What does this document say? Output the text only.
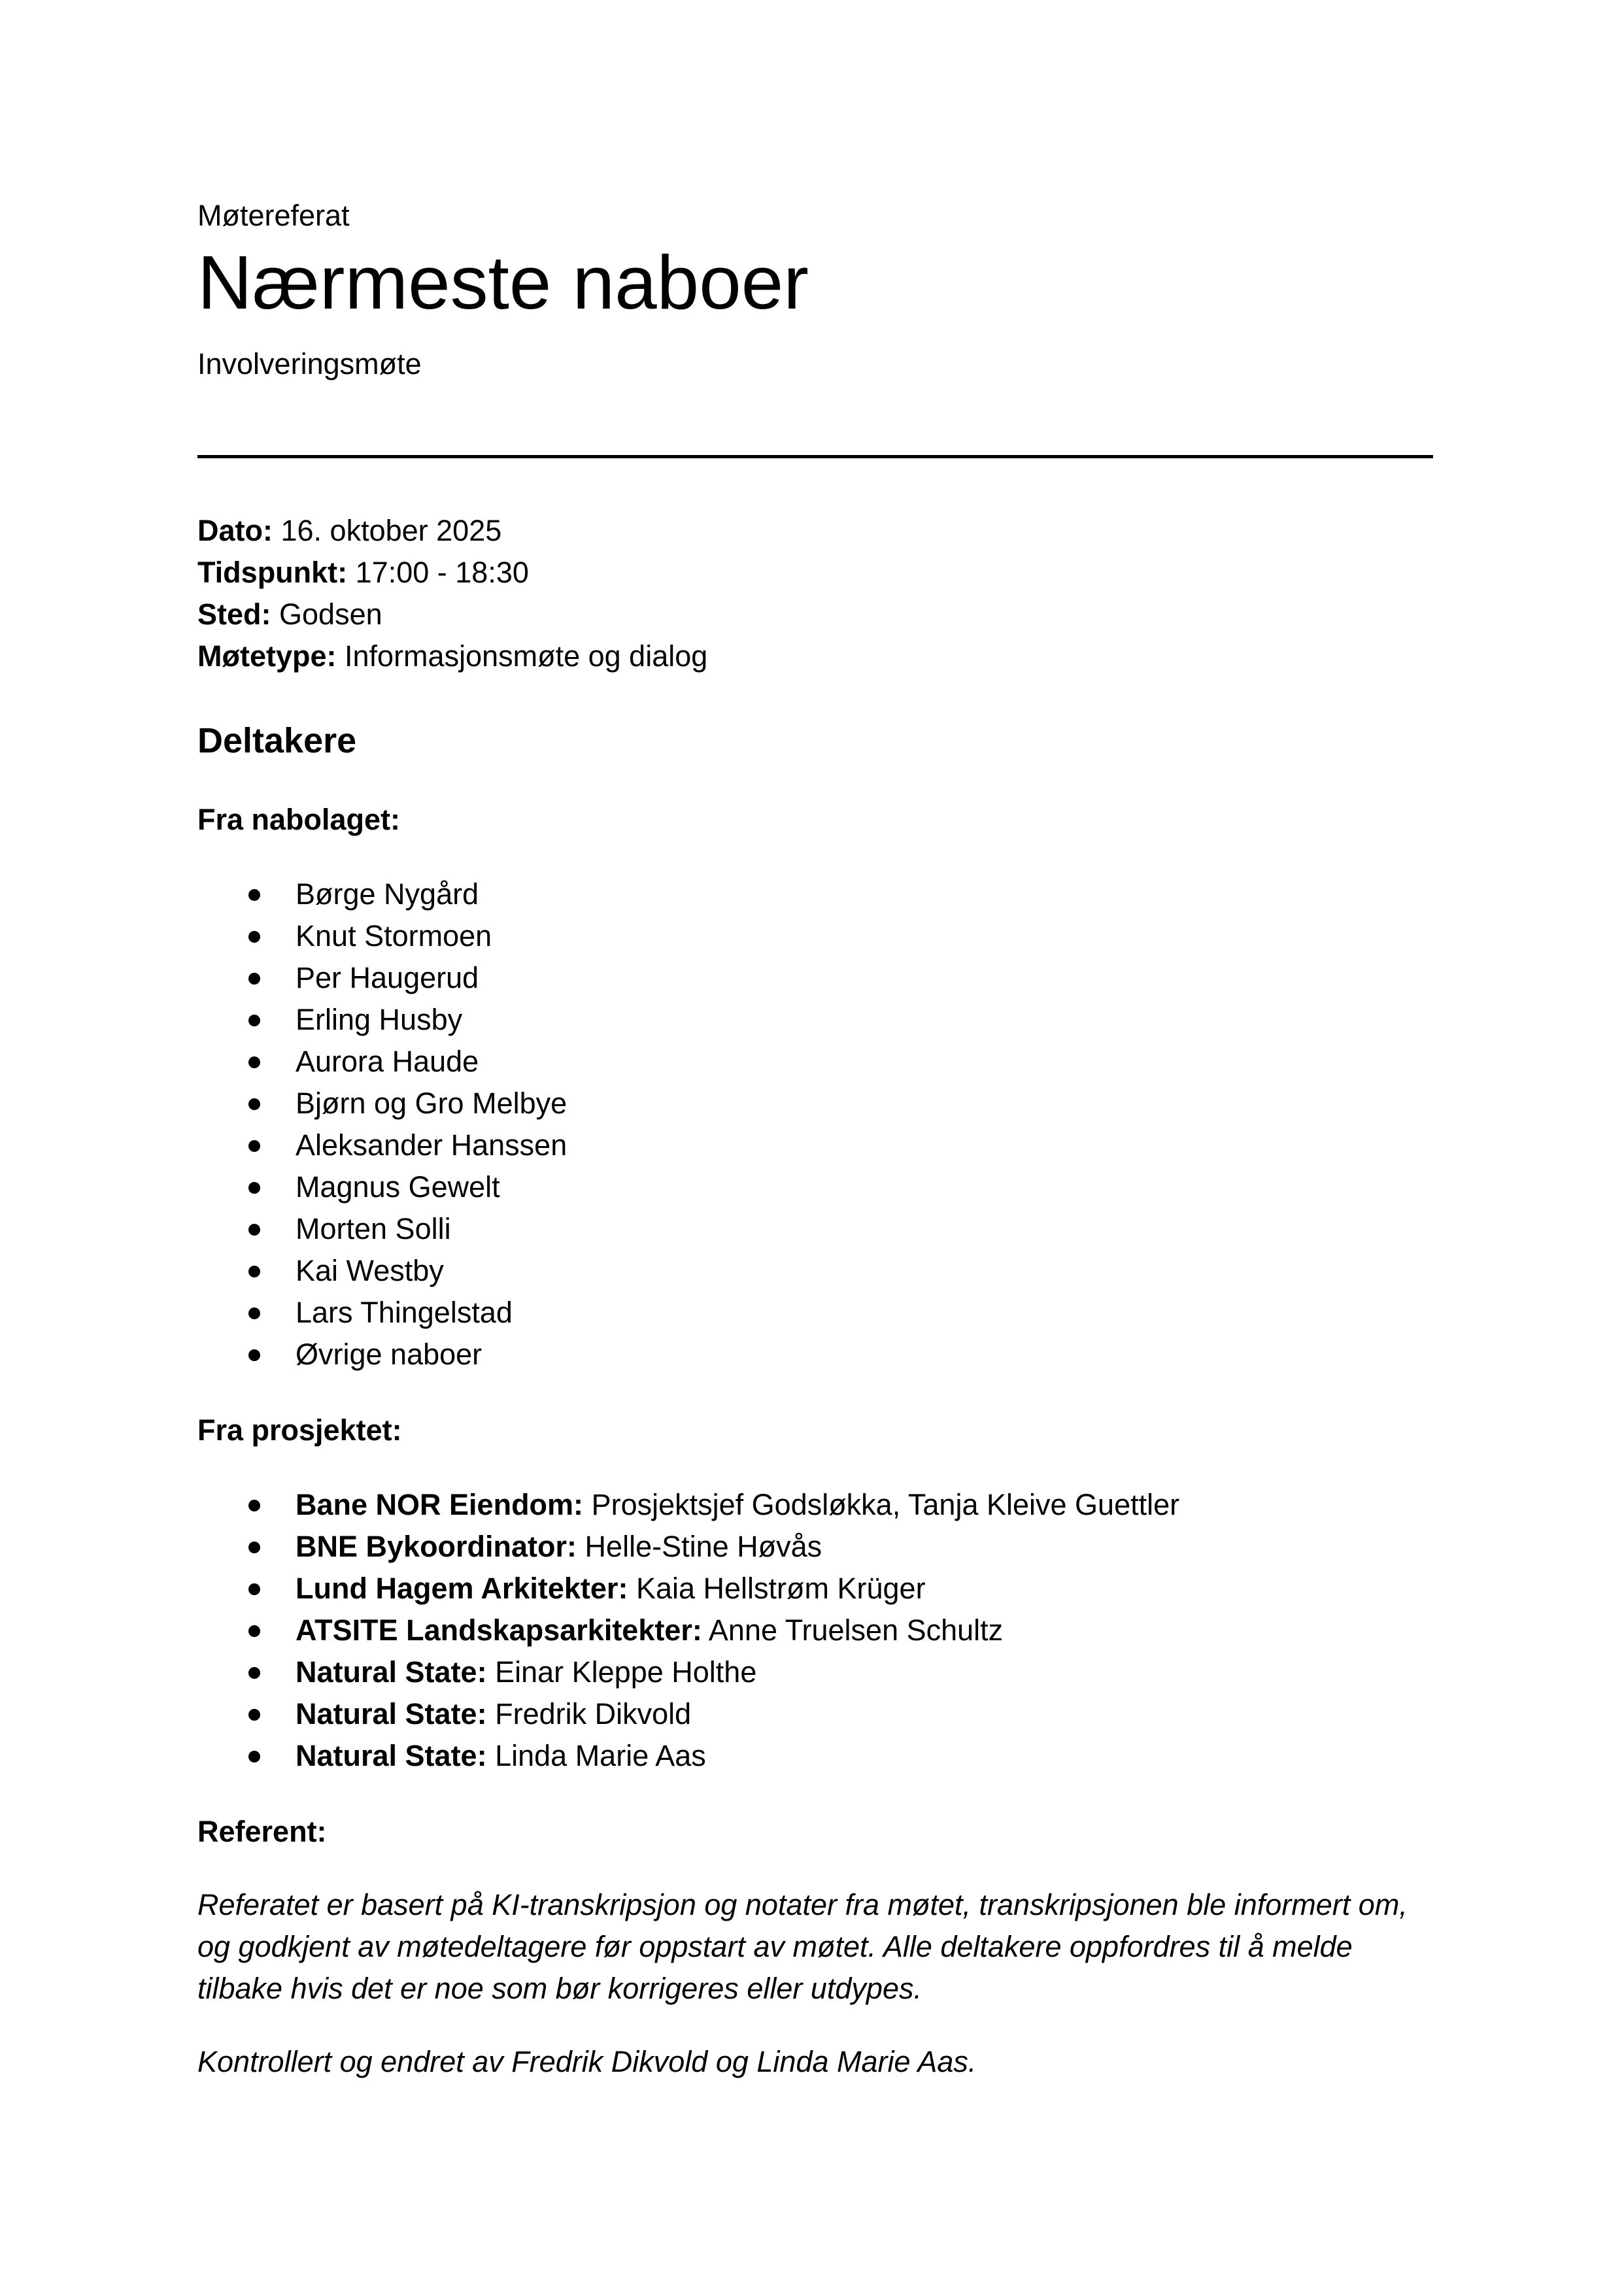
Møtereferat
Nærmeste naboer
Involveringsmøte
Dato: 16. oktober 2025
Tidspunkt: 17:00 - 18:30
Sted: Godsen
Møtetype: Informasjonsmøte og dialog
Deltakere
Fra nabolaget:
Børge Nygård
Knut Stormoen
Per Haugerud
Erling Husby
Aurora Haude
Bjørn og Gro Melbye
Aleksander Hanssen
Magnus Gewelt
Morten Solli
Kai Westby
Lars Thingelstad
Øvrige naboer
Fra prosjektet:
Bane NOR Eiendom: Prosjektsjef Godsløkka, Tanja Kleive Guettler
BNE Bykoordinator: Helle-Stine Høvås
Lund Hagem Arkitekter: Kaia Hellstrøm Krüger
ATSITE Landskapsarkitekter: Anne Truelsen Schultz
Natural State: Einar Kleppe Holthe
Natural State: Fredrik Dikvold
Natural State: Linda Marie Aas
Referent:

Referatet er basert på KI-transkripsjon og notater fra møtet, transkripsjonen ble informert om, og godkjent av møtedeltagere før oppstart av møtet. Alle deltakere oppfordres til å melde tilbake hvis det er noe som bør korrigeres eller utdypes.

Kontrollert og endret av Fredrik Dikvold og Linda Marie Aas.
